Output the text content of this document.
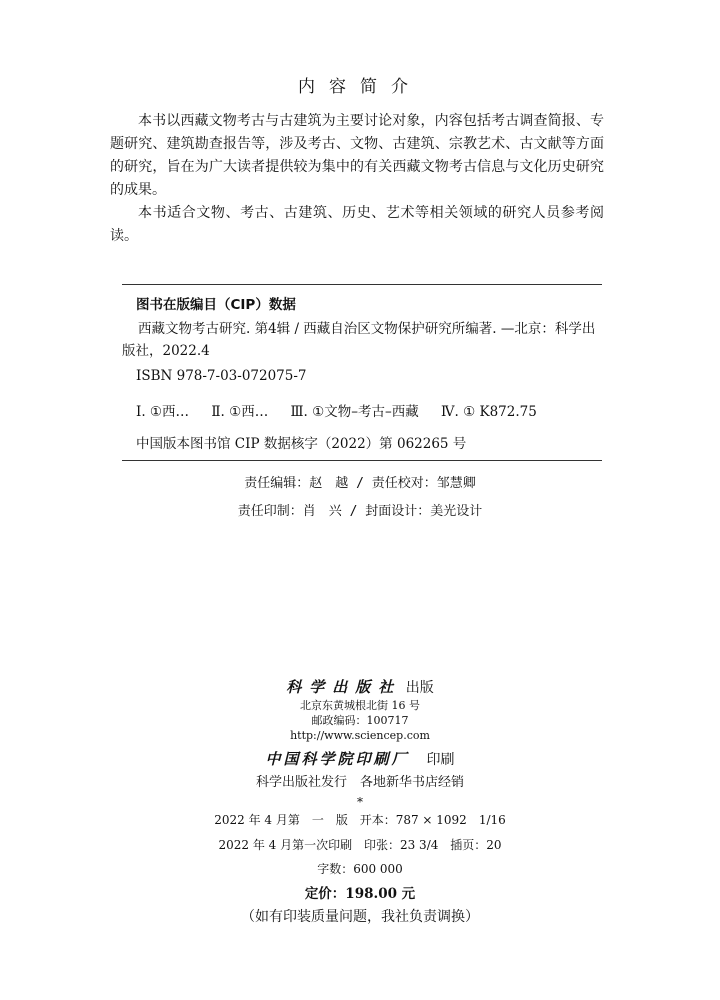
内容简介
本书以西藏文物考古与古建筑为主要讨论对象，内容包括考古调查简报、专题研究、建筑勘查报告等，涉及考古、文物、古建筑、宗教艺术、古文献等方面的研究，旨在为广大读者提供较为集中的有关西藏文物考古信息与文化历史研究的成果。
本书适合文物、考古、古建筑、历史、艺术等相关领域的研究人员参考阅读。
图书在版编目（CIP）数据
西藏文物考古研究. 第4辑 / 西藏自治区文物保护研究所编著. —北京：科学出版社，2022.4
ISBN 978-7-03-072075-7
Ⅰ. ①西… Ⅱ. ①西… Ⅲ. ①文物–考古–西藏 Ⅳ. ① K872.75
中国版本图书馆 CIP 数据核字（2022）第 062265 号
责任编辑：赵　越 / 责任校对：邹慧卿
责任印制：肖　兴 / 封面设计：美光设计
科学出版社 出版
北京东黄城根北街 16 号
邮政编码：100717
http://www.sciencep.com
中国科学院印刷厂 印刷
科学出版社发行　各地新华书店经销
*
2022 年 4 月第　一　版 开本：787 × 1092　1/16
2022 年 4 月第一次印刷 印张：23 3/4 插页：20
字数：600 000
定价：198.00 元
（如有印装质量问题，我社负责调换）
